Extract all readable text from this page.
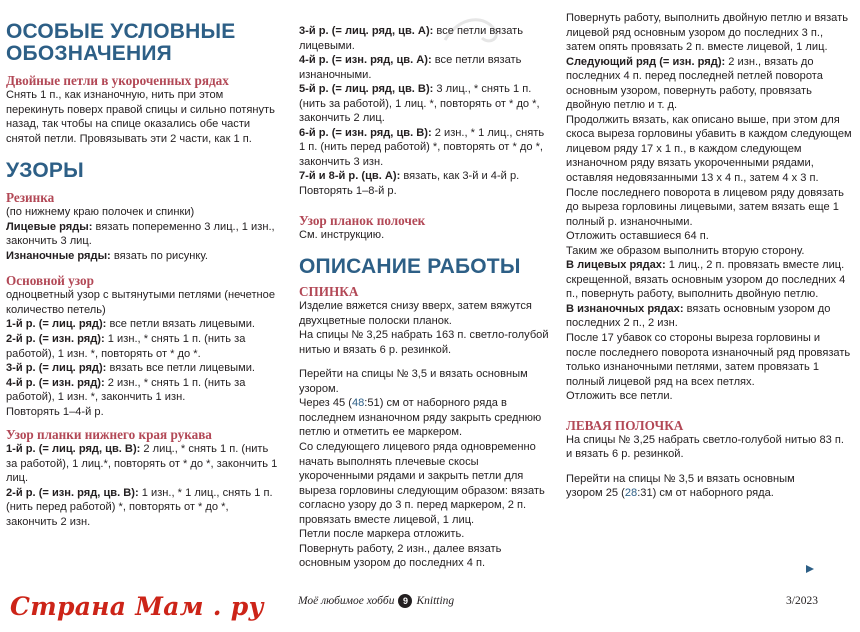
ОСОБЫЕ УСЛОВНЫЕ ОБОЗНАЧЕНИЯ

Двойные петли в укороченных рядах

Снять 1 п., как изнаночную, нить при этом перекинуть поверх правой спицы и сильно потянуть назад, так чтобы на спице оказались обе части снятой петли. Провязывать эти 2 части, как 1 п.

УЗОРЫ

Резинка

(по нижнему краю полочек и спинки)

Лицевые ряды: вязать попеременно 3 лиц., 1 изн., закончить 3 лиц.

Изнаночные ряды: вязать по рисунку.

Основной узор

одноцветный узор с вытянутыми петлями (нечетное количество петель)

1-й р. (= лиц. ряд): все петли вязать лицевыми.

2-й р. (= изн. ряд): 1 изн., * снять 1 п. (нить за работой), 1 изн. *, повторять от * до *.

3-й р. (= лиц. ряд): вязать все петли лицевыми.

4-й р. (= изн. ряд): 2 изн., * снять 1 п. (нить за работой), 1 изн. *, закончить 1 изн.

Повторять 1–4-й р.

Узор планки нижнего края рукава

1-й р. (= лиц. ряд, цв. В): 2 лиц., * снять 1 п. (нить за работой), 1 лиц.*, повторять от * до *, закончить 1 лиц.

2-й р. (= изн. ряд, цв. В): 1 изн., * 1 лиц., снять 1 п. (нить перед работой) *, повторять от * до *, закончить 2 изн.

3-й р. (= лиц. ряд, цв. А): все петли вязать лицевыми.

4-й р. (= изн. ряд, цв. А): все петли вязать изнаночными.

5-й р. (= лиц. ряд, цв. В): 3 лиц., * снять 1 п. (нить за работой), 1 лиц. *, повторять от * до *, закончить 2 лиц.

6-й р. (= изн. ряд, цв. В): 2 изн., * 1 лиц., снять 1 п. (нить перед работой) *, повторять от * до *, закончить 3 изн.

7-й и 8-й р. (цв. А): вязать, как 3-й и 4-й р. Повторять 1–8-й р.

Узор планок полочек

См. инструкцию.

ОПИСАНИЕ РАБОТЫ

СПИНКА

Изделие вяжется снизу вверх, затем вяжутся двухцветные полоски планок.

На спицы № 3,25 набрать 163 п. светло-голубой нитью и вязать 6 р. резинкой.

Перейти на спицы № 3,5 и вязать основным узором.

Через 45 (48:51) см от наборного ряда в последнем изнаночном ряду закрыть среднюю петлю и отметить ее маркером.

Со следующего лицевого ряда одновременно начать выполнять плечевые скосы укороченными рядами и закрыть петли для выреза горловины следующим образом: вязать согласно узору до 3 п. перед маркером, 2 п. провязать вместе лицевой, 1 лиц.

Петли после маркера отложить.

Повернуть работу, 2 изн., далее вязать основным узором до последних 4 п.

Повернуть работу, выполнить двойную петлю и вязать лицевой ряд основным узором до последних 3 п., затем опять провязать 2 п. вместе лицевой, 1 лиц.

Следующий ряд (= изн. ряд): 2 изн., вязать до последних 4 п. перед последней петлей поворота основным узором, повернуть работу, провязать двойную петлю и т. д.

Продолжить вязать, как описано выше, при этом для скоса выреза горловины убавить в каждом следующем лицевом ряду 17 x 1 п., в каждом следующем изнаночном ряду вязать укороченными рядами, оставляя недовязанными 13 x 4 п., затем 4 x 3 п.

После последнего поворота в лицевом ряду довязать до выреза горловины лицевыми, затем вязать еще 1 полный р. изнаночными.

Отложить оставшиеся 64 п.

Таким же образом выполнить вторую сторону.

В лицевых рядах: 1 лиц., 2 п. провязать вместе лиц. скрещенной, вязать основным узором до последних 4 п., повернуть работу, выполнить двойную петлю.

В изнаночных рядах: вязать основным узором до последних 2 п., 2 изн.

После 17 убавок со стороны выреза горловины и после последнего поворота изнаночный ряд провязать только изнаночными петлями, затем провязать 1 полный лицевой ряд на всех петлях.

Отложить все петли.

ЛЕВАЯ ПОЛОЧКА

На спицы № 3,25 набрать светло-голубой нитью 83 п. и вязать 6 р. резинкой.

Перейти на спицы № 3,5 и вязать основным узором 25 (28:31) см от наборного ряда.

Моё любимое хобби 9 Knitting	3/2023
Страна Мам . ру
